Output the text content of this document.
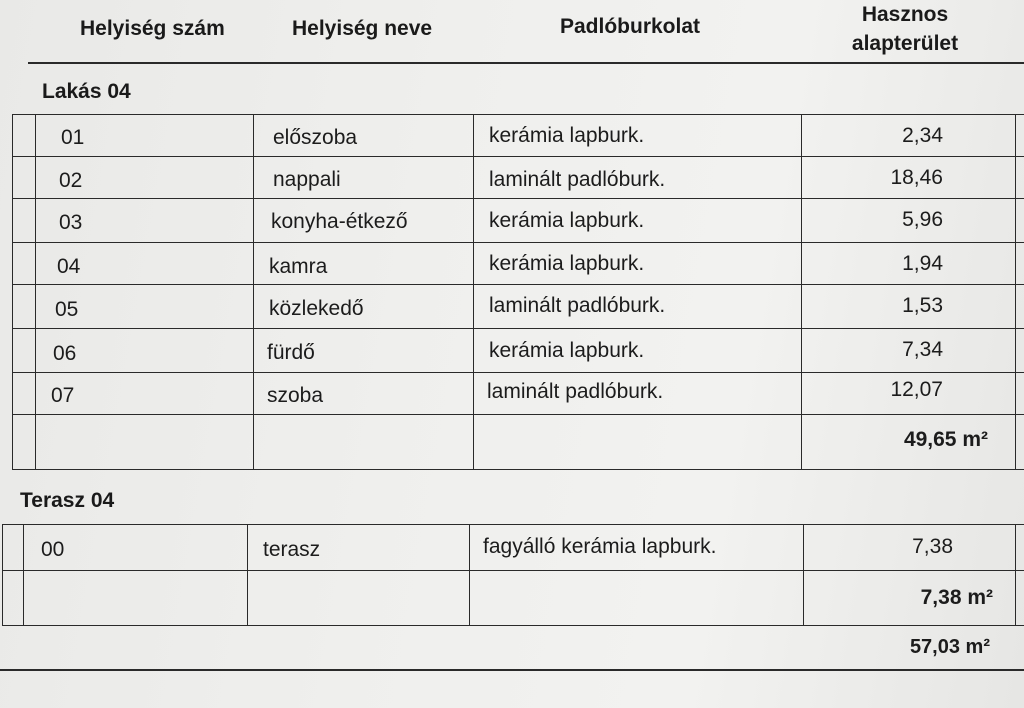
Helyiség szám	Helyiség neve	Padlóburkolat
Hasznos
alapterület
Lakás 04
01	előszoba	kerámia lapburk.	2,34
02	nappali	laminált padlóburk.	18,46
03	konyha-étkező	kerámia lapburk.	5,96
04	kamra	kerámia lapburk.	1,94
05	közlekedő	laminált padlóburk.	1,53
06	fürdő	kerámia lapburk.	7,34
07	szoba	laminált padlóburk.	12,07
49,65 m²
Terasz 04
00	terasz	fagyálló kerámia lapburk.	7,38
7,38 m²
57,03 m²
